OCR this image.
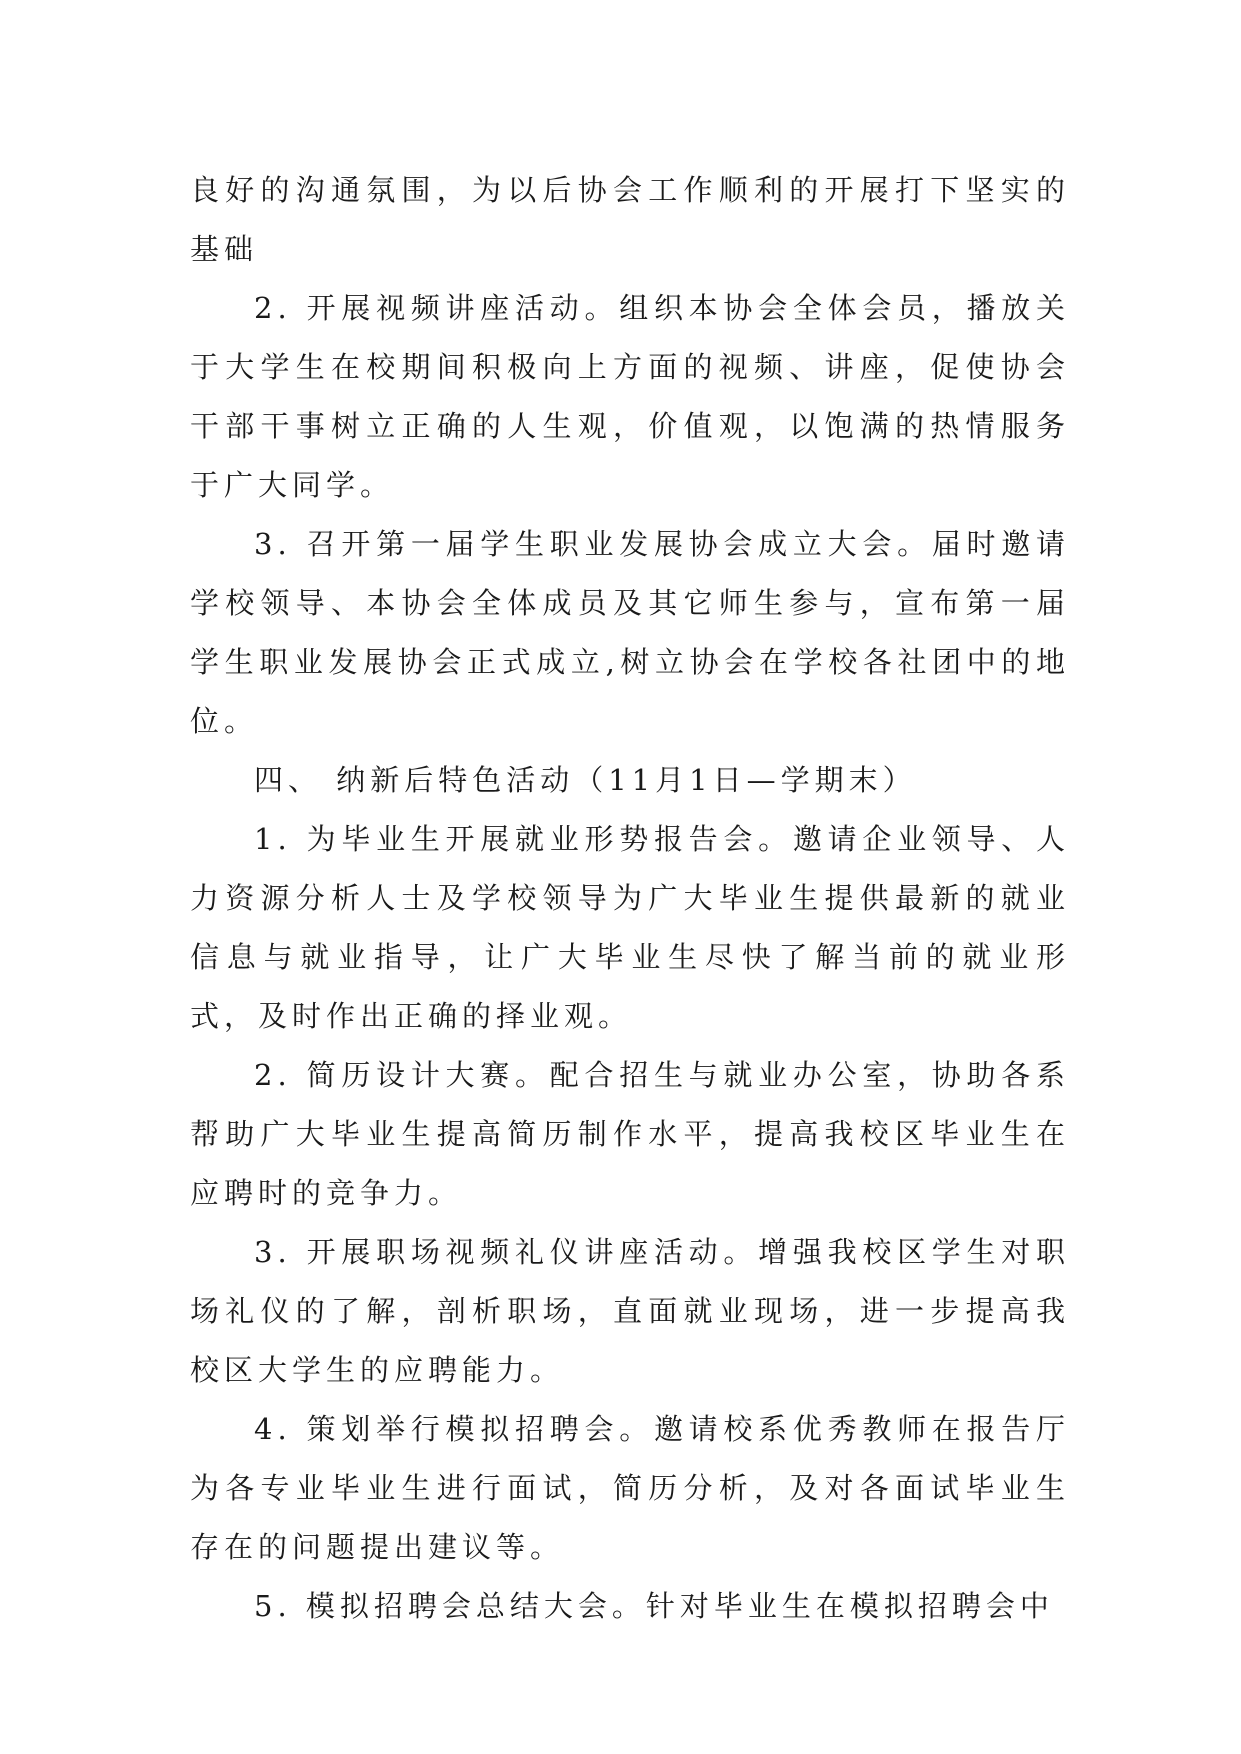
良好的沟通氛围，为以后协会工作顺利的开展打下坚实的基础

2. 开展视频讲座活动。组织本协会全体会员，播放关于大学生在校期间积极向上方面的视频、讲座，促使协会干部干事树立正确的人生观，价值观，以饱满的热情服务于广大同学。

3. 召开第一届学生职业发展协会成立大会。届时邀请学校领导、本协会全体成员及其它师生参与，宣布第一届学生职业发展协会正式成立,树立协会在学校各社团中的地位。

四、 纳新后特色活动（11月1日—学期末）

1. 为毕业生开展就业形势报告会。邀请企业领导、人力资源分析人士及学校领导为广大毕业生提供最新的就业信息与就业指导，让广大毕业生尽快了解当前的就业形式，及时作出正确的择业观。

2. 简历设计大赛。配合招生与就业办公室，协助各系帮助广大毕业生提高简历制作水平，提高我校区毕业生在应聘时的竞争力。

3. 开展职场视频礼仪讲座活动。增强我校区学生对职场礼仪的了解，剖析职场，直面就业现场，进一步提高我校区大学生的应聘能力。

4. 策划举行模拟招聘会。邀请校系优秀教师在报告厅为各专业毕业生进行面试，简历分析，及对各面试毕业生存在的问题提出建议等。

5. 模拟招聘会总结大会。针对毕业生在模拟招聘会中
